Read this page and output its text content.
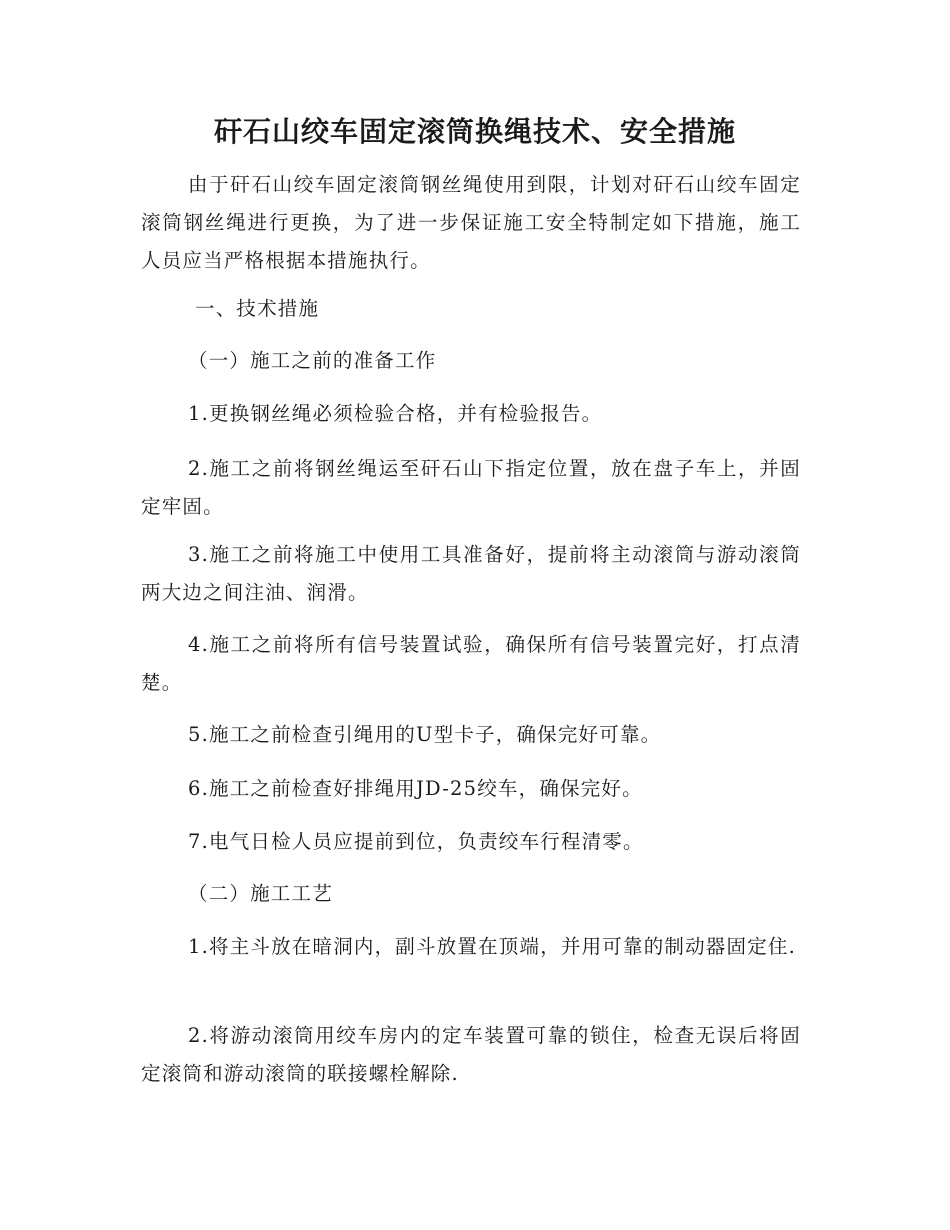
矸石山绞车固定滚筒换绳技术、安全措施
由于矸石山绞车固定滚筒钢丝绳使用到限，计划对矸石山绞车固定滚筒钢丝绳进行更换，为了进一步保证施工安全特制定如下措施，施工人员应当严格根据本措施执行。
一、技术措施
（一）施工之前的准备工作
1.更换钢丝绳必须检验合格，并有检验报告。
2.施工之前将钢丝绳运至矸石山下指定位置，放在盘子车上，并固定牢固。
3.施工之前将施工中使用工具准备好，提前将主动滚筒与游动滚筒两大边之间注油、润滑。
4.施工之前将所有信号装置试验，确保所有信号装置完好，打点清楚。
5.施工之前检查引绳用的U型卡子，确保完好可靠。
6.施工之前检查好排绳用JD-25绞车，确保完好。
7.电气日检人员应提前到位，负责绞车行程清零。
（二）施工工艺
1.将主斗放在暗洞内，副斗放置在顶端，并用可靠的制动器固定住.
2.将游动滚筒用绞车房内的定车装置可靠的锁住，检查无误后将固定滚筒和游动滚筒的联接螺栓解除.
